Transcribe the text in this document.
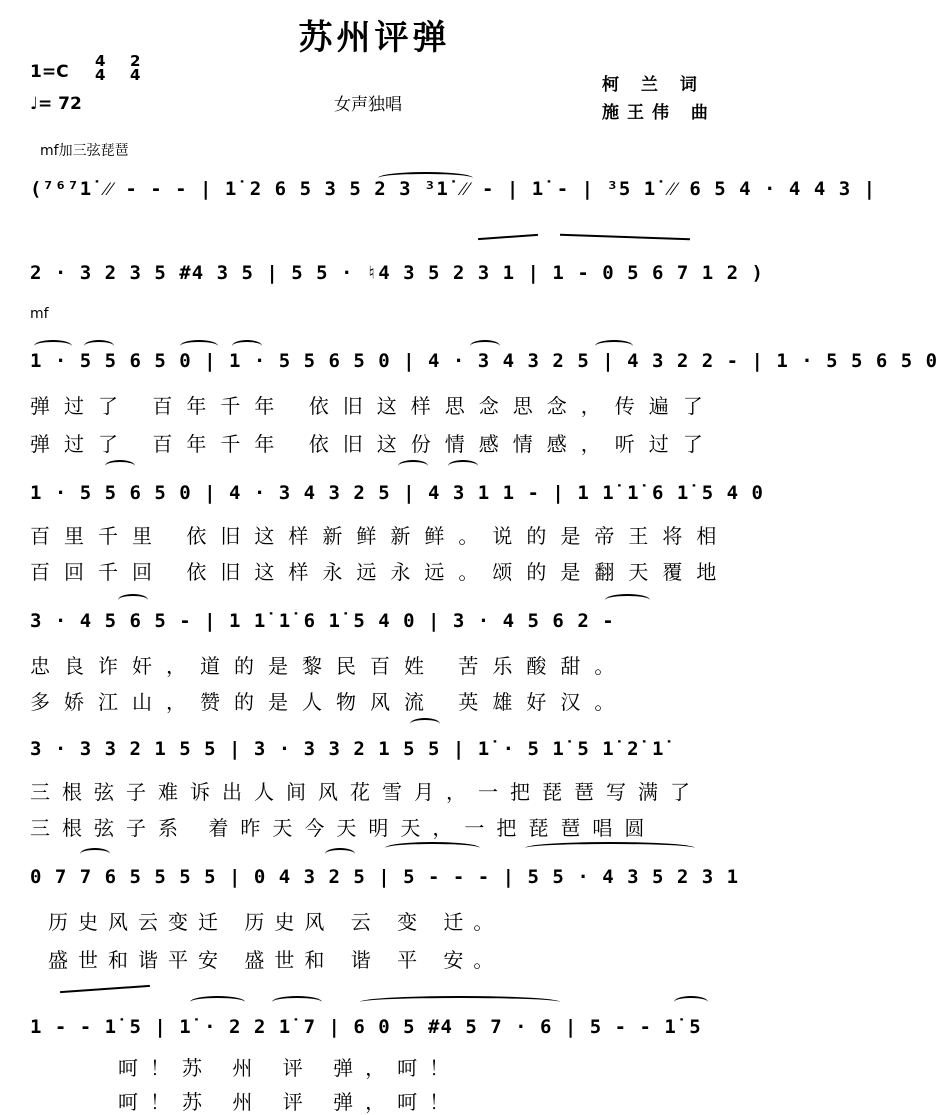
苏州评弹
1=C
4
4
2
4
♩= 72	女声独唱
柯 兰 词
施王伟 曲
mf加三弦琵琶
(⁷⁶⁷1̇ ⁄⁄ - - - | 1̇ 2 6 5 3 5 2 3 ³1̇ ⁄⁄ - | 1̇ - | ³5 1̇ ⁄⁄ 6 5 4 · 4 4 3 |
2 · 3 2 3 5 #4 3 5 | 5 5 · ♮4 3 5 2 3 1 | 1 - 0 5 6 7 1 2 )
mf
1 · 5 5 6 5 0 | 1 · 5 5 6 5 0 | 4 · 3 4 3 2 5 | 4 3 2 2 - | 1 · 5 5 6 5 0
弹过了 百年千年 依旧这样思念思念，传遍了
弹过了 百年千年 依旧这份情感情感，听过了
1 · 5 5 6 5 0 | 4 · 3 4 3 2 5 | 4 3 1 1 - | 1 1̇ 1̇ 6 1̇ 5 4 0
百里千里 依旧这样新鲜新鲜。说的是帝王将相
百回千回 依旧这样永远永远。颂的是翻天覆地
3 · 4 5 6 5 - | 1 1̇ 1̇ 6 1̇ 5 4 0 | 3 · 4 5 6 2 -
忠良诈奸，道的是黎民百姓 苦乐酸甜。
多娇江山，赞的是人物风流 英雄好汉。
3 · 3 3 2 1 5 5 | 3 · 3 3 2 1 5 5 | 1̇ · 5 1̇ 5 1̇ 2̇ 1̇
三根弦子难诉出人间风花雪月，一把琵琶写满了
三根弦子系 着昨天今天明天，一把琵琶唱圆
0 7 7 6 5 5 5 5 | 0 4 3 2 5 | 5 - - - | 5 5 · 4 3 5 2 3 1
历史风云变迁 历史风 云 变 迁。
盛世和谐平安 盛世和 谐 平 安。
1 - - 1̇ 5 | 1̇ · 2 2 1̇ 7 | 6 0 5 #4 5 7 · 6 | 5 - - 1̇ 5
呵！苏 州 评 弹，呵！
呵！苏 州 评 弹，呵！
